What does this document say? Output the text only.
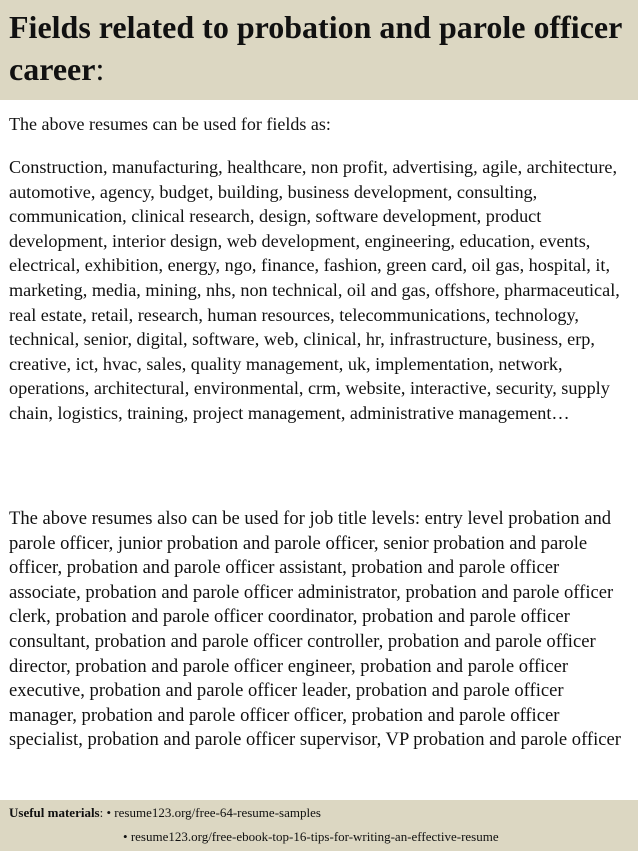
Fields related to probation and parole officer career:
The above resumes can be used for fields as:
Construction, manufacturing, healthcare, non profit, advertising, agile, architecture, automotive, agency, budget, building, business development, consulting, communication, clinical research, design, software development, product development, interior design, web development, engineering, education, events, electrical, exhibition, energy, ngo, finance, fashion, green card, oil gas, hospital, it, marketing, media, mining, nhs, non technical, oil and gas, offshore, pharmaceutical, real estate, retail, research, human resources, telecommunications, technology, technical, senior, digital, software, web, clinical, hr, infrastructure, business, erp, creative, ict, hvac, sales, quality management, uk, implementation, network, operations, architectural, environmental, crm, website, interactive, security, supply chain, logistics, training, project management, administrative management…
The above resumes also can be used for job title levels: entry level probation and parole officer, junior probation and parole officer, senior probation and parole officer, probation and parole officer assistant, probation and parole officer associate, probation and parole officer administrator, probation and parole officer clerk, probation and parole officer coordinator, probation and parole officer consultant, probation and parole officer controller, probation and parole officer director, probation and parole officer engineer, probation and parole officer executive, probation and parole officer leader, probation and parole officer manager, probation and parole officer officer, probation and parole officer specialist, probation and parole officer supervisor, VP probation and parole officer
Useful materials: • resume123.org/free-64-resume-samples
• resume123.org/free-ebook-top-16-tips-for-writing-an-effective-resume
